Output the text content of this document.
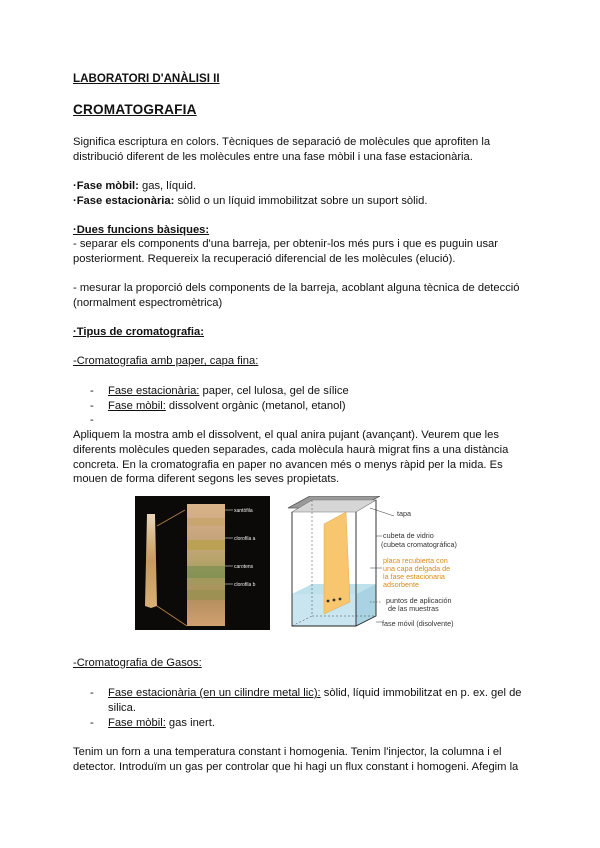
LABORATORI D'ANÀLISI II
CROMATOGRAFIA
Significa escriptura en colors. Tècniques de separació de molècules que aprofiten la
distribució diferent de les molècules entre una fase mòbil i una fase estacionària.
·Fase mòbil: gas, líquid.
·Fase estacionària: sòlid o un líquid immobilitzat sobre un suport sòlid.
·Dues funcions bàsiques:
- separar els components d'una barreja, per obtenir-los més purs i que es puguin usar
posteriorment. Requereix la recuperació diferencial de les molècules (elució).
- mesurar la proporció dels components de la barreja, acoblant alguna tècnica de detecció
(normalment espectromètrica)
·Tipus de cromatografia:
-Cromatografia amb paper, capa fina:
- Fase estacionària: paper, cel lulosa, gel de sílice
- Fase mòbil: dissolvent orgànic (metanol, etanol)
-
Apliquem la mostra amb el dissolvent, el qual anira pujant (avançant). Veurem que les
diferents molècules queden separades, cada molècula haurà migrat fins a una distància
concreta. En la cromatografia en paper no avancen més o menys ràpid per la mida. Es
mouen de forma diferent segons les seves propietats.
xantòfila
clorofila a
carotens
clorofila b
tapa
cubeta de vidrio
(cubeta cromatográfica)
placa recubierta con
una capa delgada de
la fase estacionaria
adsorbente
puntos de aplicación
de las muestras
fase móvil (disolvente)
-Cromatografia de Gasos:
- Fase estacionària (en un cilindre metal lic): sòlid, líquid immobilitzat en p. ex. gel de
silica.
- Fase mòbil: gas inert.
Tenim un forn a una temperatura constant i homogenia. Tenim l'injector, la columna i el
detector. Introduïm un gas per controlar que hi hagi un flux constant i homogeni. Afegim la
